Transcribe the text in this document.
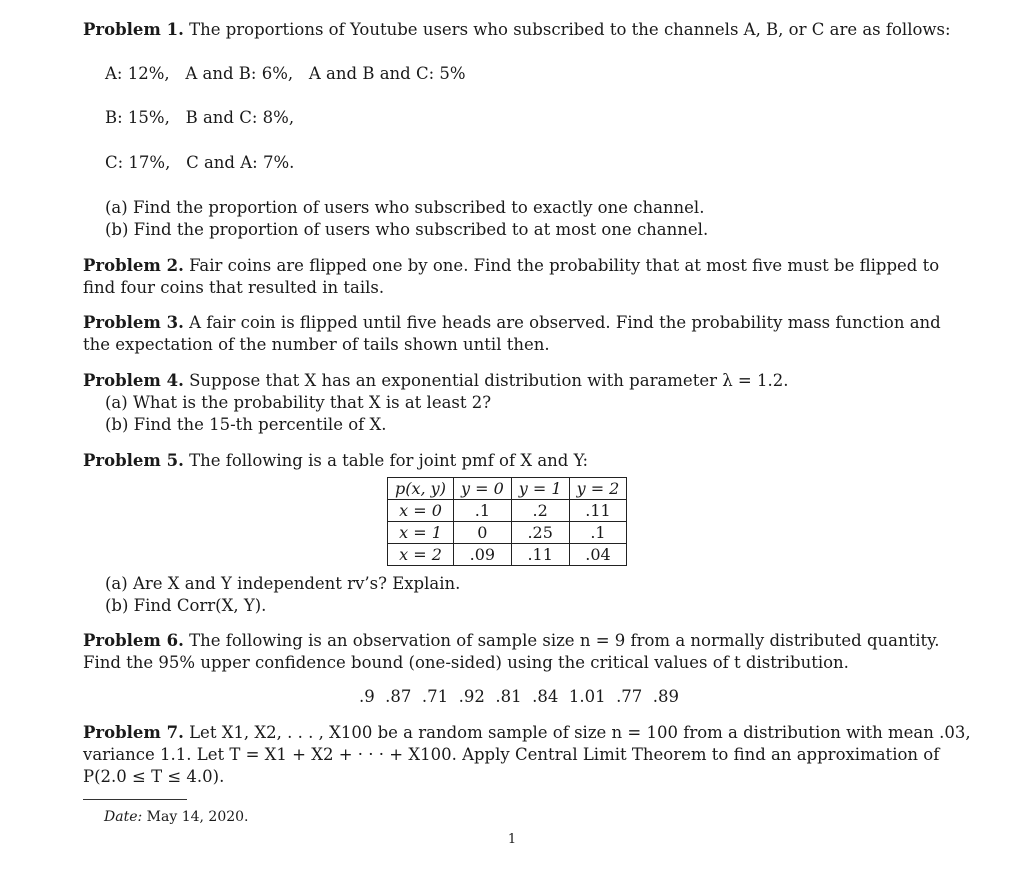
Problem 1. The proportions of Youtube users who subscribed to the channels A, B, or C are as follows:
A: 12%,   A and B: 6%,   A and B and C: 5%
B: 15%,   B and C: 8%,
C: 17%,   C and A: 7%.
(a) Find the proportion of users who subscribed to exactly one channel.
(b) Find the proportion of users who subscribed to at most one channel.
Problem 2. Fair coins are flipped one by one. Find the probability that at most five must be flipped to
find four coins that resulted in tails.
Problem 3. A fair coin is flipped until five heads are observed. Find the probability mass function and
the expectation of the number of tails shown until then.
Problem 4. Suppose that X has an exponential distribution with parameter λ = 1.2.
(a) What is the probability that X is at least 2?
(b) Find the 15-th percentile of X.
Problem 5. The following is a table for joint pmf of X and Y:
p(x, y)	y = 0	y = 1	y = 2
x = 0	.1	.2	.11
x = 1	0	.25	.1
x = 2	.09	.11	.04
(a) Are X and Y independent rv’s? Explain.
(b) Find Corr(X, Y).
Problem 6. The following is an observation of sample size n = 9 from a normally distributed quantity.
Find the 95% upper confidence bound (one-sided) using the critical values of t distribution.
.9  .87  .71  .92  .81  .84  1.01  .77  .89
Problem 7. Let X1, X2, . . . , X100 be a random sample of size n = 100 from a distribution with mean .03,
variance 1.1. Let T = X1 + X2 + · · · + X100. Apply Central Limit Theorem to find an approximation of
P(2.0 ≤ T ≤ 4.0).
Date: May 14, 2020.
1
